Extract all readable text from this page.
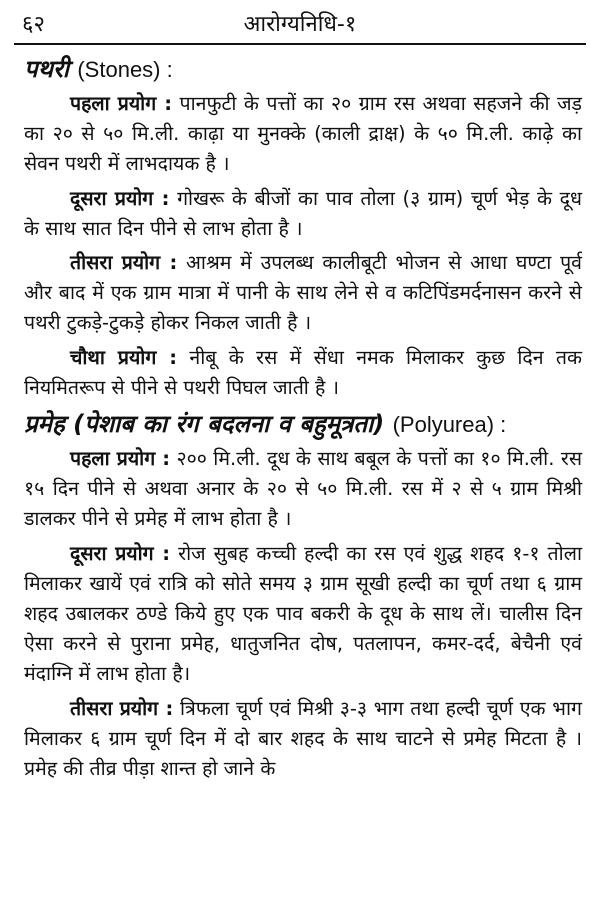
६२	आरोग्यनिधि-१
पथरी (Stones) :

पहला प्रयोग : पानफुटी के पत्तों का २० ग्राम रस अथवा सहजने की जड़ का २० से ५० मि.ली. काढ़ा या मुनक्के (काली द्राक्ष) के ५० मि.ली. काढ़े का सेवन पथरी में लाभदायक है ।

दूसरा प्रयोग : गोखरू के बीजों का पाव तोला (३ ग्राम) चूर्ण भेड़ के दूध के साथ सात दिन पीने से लाभ होता है ।

तीसरा प्रयोग : आश्रम में उपलब्ध कालीबूटी भोजन से आधा घण्टा पूर्व और बाद में एक ग्राम मात्रा में पानी के साथ लेने से व कटिपिंडमर्दनासन करने से पथरी टुकड़े-टुकड़े होकर निकल जाती है ।

चौथा प्रयोग : नीबू के रस में सेंधा नमक मिलाकर कुछ दिन तक नियमितरूप से पीने से पथरी पिघल जाती है ।

प्रमेह (पेशाब का रंग बदलना व बहुमूत्रता) (Polyurea) :

पहला प्रयोग : २०० मि.ली. दूध के साथ बबूल के पत्तों का १० मि.ली. रस १५ दिन पीने से अथवा अनार के २० से ५० मि.ली. रस में २ से ५ ग्राम मिश्री डालकर पीने से प्रमेह में लाभ होता है ।

दूसरा प्रयोग : रोज सुबह कच्ची हल्दी का रस एवं शुद्ध शहद १-१ तोला मिलाकर खायें एवं रात्रि को सोते समय ३ ग्राम सूखी हल्दी का चूर्ण तथा ६ ग्राम शहद उबालकर ठण्डे किये हुए एक पाव बकरी के दूध के साथ लें। चालीस दिन ऐसा करने से पुराना प्रमेह, धातुजनित दोष, पतलापन, कमर-दर्द, बेचैनी एवं मंदाग्नि में लाभ होता है।

तीसरा प्रयोग : त्रिफला चूर्ण एवं मिश्री ३-३ भाग तथा हल्दी चूर्ण एक भाग मिलाकर ६ ग्राम चूर्ण दिन में दो बार शहद के साथ चाटने से प्रमेह मिटता है । प्रमेह की तीव्र पीड़ा शान्त हो जाने के
